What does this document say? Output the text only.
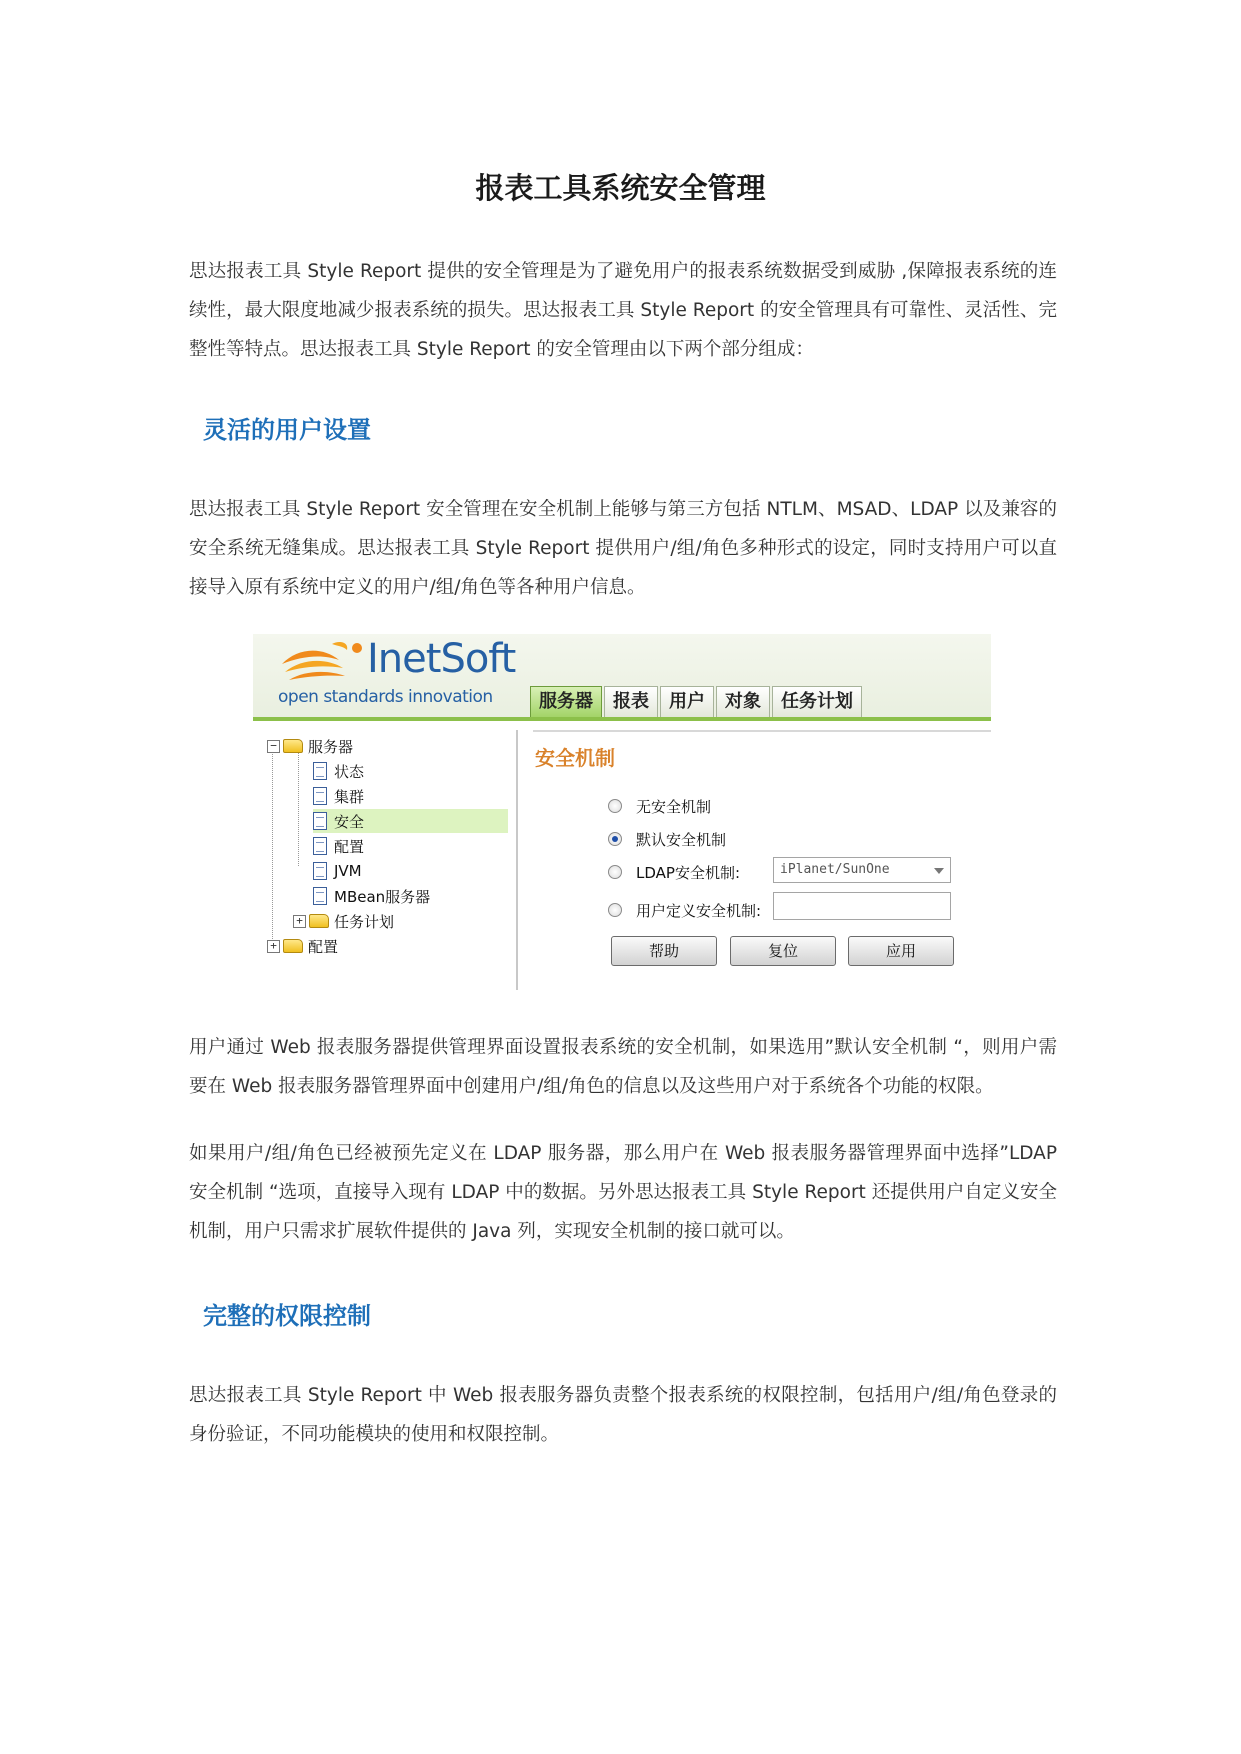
报表工具系统安全管理

思达报表工具 Style Report 提供的安全管理是为了避免用户的报表系统数据受到威胁 ,保障报表系统的连续性，最大限度地减少报表系统的损失。思达报表工具 Style Report 的安全管理具有可靠性、灵活性、完整性等特点。思达报表工具 Style Report 的安全管理由以下两个部分组成：

灵活的用户设置

思达报表工具 Style Report 安全管理在安全机制上能够与第三方包括 NTLM、MSAD、LDAP 以及兼容的安全系统无缝集成。思达报表工具 Style Report 提供用户/组/角色多种形式的设定，同时支持用户可以直接导入原有系统中定义的用户/组/角色等各种用户信息。

InetSoft
open standards innovation	服务器	报表	用户	对象	任务计划
− 服务器
状态
集群
安全
配置
JVM
MBean服务器
+ 任务计划
+ 配置
安全机制
无安全机制
默认安全机制
LDAP安全机制:	iPlanet/SunOne
用户定义安全机制:
帮助	复位	应用

用户通过 Web 报表服务器提供管理界面设置报表系统的安全机制，如果选用”默认安全机制 “，则用户需要在 Web 报表服务器管理界面中创建用户/组/角色的信息以及这些用户对于系统各个功能的权限。

如果用户/组/角色已经被预先定义在 LDAP 服务器，那么用户在 Web 报表服务器管理界面中选择”LDAP 安全机制 “选项，直接导入现有 LDAP 中的数据。另外思达报表工具 Style Report 还提供用户自定义安全机制，用户只需求扩展软件提供的 Java 列，实现安全机制的接口就可以。

完整的权限控制

思达报表工具 Style Report 中 Web 报表服务器负责整个报表系统的权限控制，包括用户/组/角色登录的身份验证，不同功能模块的使用和权限控制。
